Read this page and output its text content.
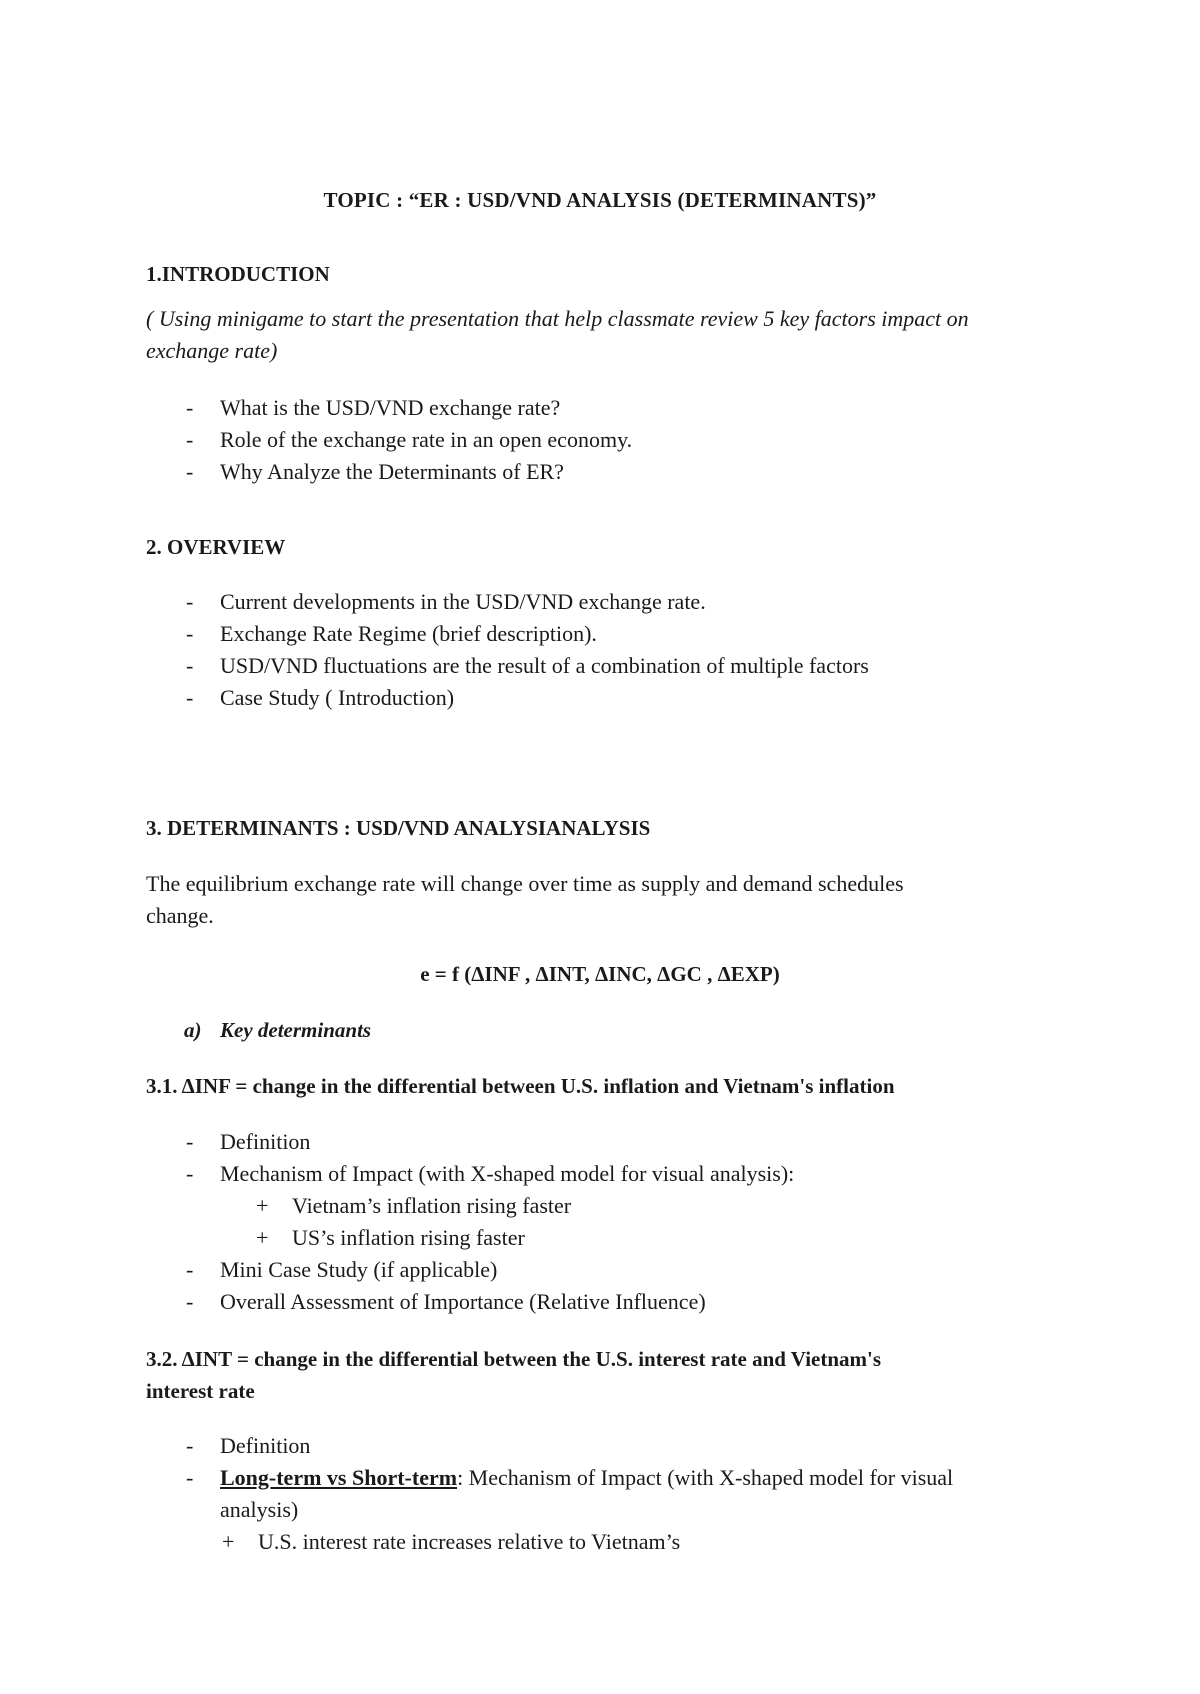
TOPIC : “ER : USD/VND ANALYSIS (DETERMINANTS)”
1.INTRODUCTION
( Using minigame to start the presentation that help classmate review 5 key factors impact on
exchange rate)
- What is the USD/VND exchange rate?
- Role of the exchange rate in an open economy.
- Why Analyze the Determinants of ER?
2. OVERVIEW
- Current developments in the USD/VND exchange rate.
- Exchange Rate Regime (brief description).
- USD/VND fluctuations are the result of a combination of multiple factors
- Case Study ( Introduction)
3. DETERMINANTS : USD/VND ANALYSIANALYSIS
The equilibrium exchange rate will change over time as supply and demand schedules
change.
e = f (ΔINF , ΔINT, ΔINC, ΔGC , ΔEXP)
a) Key determinants
3.1. ΔINF = change in the differential between U.S. inflation and Vietnam's inflation
- Definition
- Mechanism of Impact (with X-shaped model for visual analysis):
+ Vietnam’s inflation rising faster
+ US’s inflation rising faster
- Mini Case Study (if applicable)
- Overall Assessment of Importance (Relative Influence)
3.2. ΔINT = change in the differential between the U.S. interest rate and Vietnam's
interest rate
- Definition
- Long-term vs Short-term: Mechanism of Impact (with X-shaped model for visual
analysis)
+ U.S. interest rate increases relative to Vietnam’s
